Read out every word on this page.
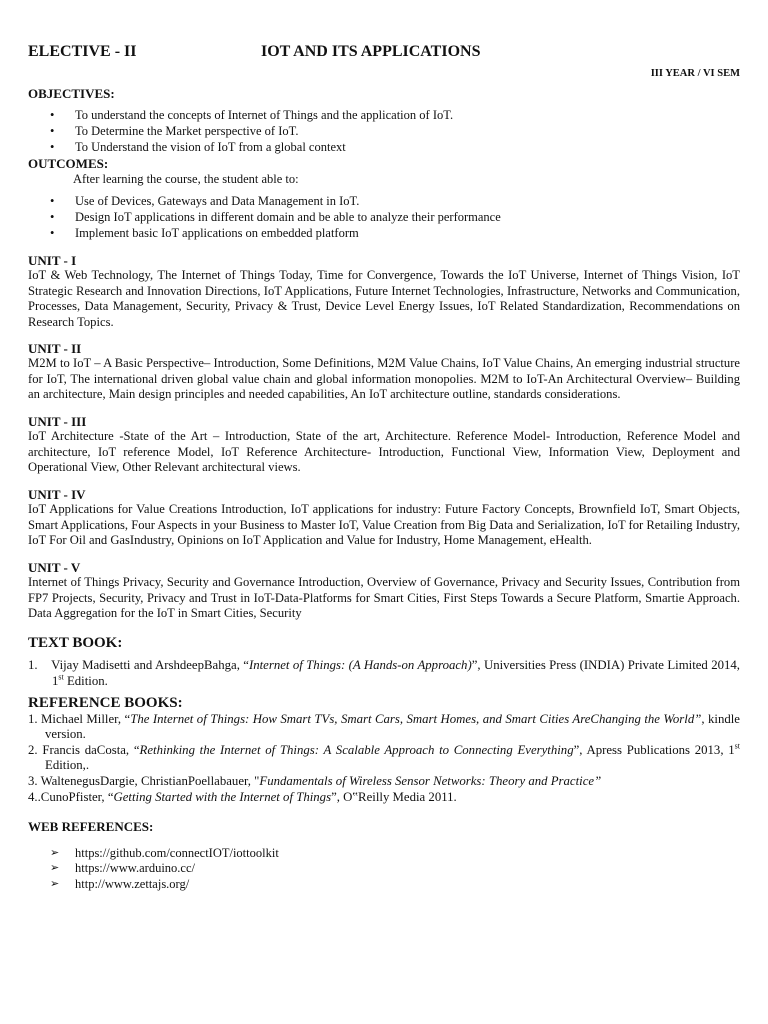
ELECTIVE - II	IOT AND ITS APPLICATIONS
III YEAR / VI SEM
OBJECTIVES:
• To understand the concepts of Internet of Things and the application of IoT.
• To Determine the Market perspective of IoT.
• To Understand the vision of IoT from a global context
OUTCOMES:

After learning the course, the student able to:

• Use of Devices, Gateways and Data Management in IoT.
• Design IoT applications in different domain and be able to analyze their performance
• Implement basic IoT applications on embedded platform
UNIT - I

IoT & Web Technology, The Internet of Things Today, Time for Convergence, Towards the IoT Universe, Internet of Things Vision, IoT Strategic Research and Innovation Directions, IoT Applications, Future Internet Technologies, Infrastructure, Networks and Communication, Processes, Data Management, Security, Privacy & Trust, Device Level Energy Issues, IoT Related Standardization, Recommendations on Research Topics.

UNIT - II

M2M to IoT – A Basic Perspective– Introduction, Some Definitions, M2M Value Chains, IoT Value Chains, An emerging industrial structure for IoT, The international driven global value chain and global information monopolies. M2M to IoT-An Architectural Overview– Building an architecture, Main design principles and needed capabilities, An IoT architecture outline, standards considerations.

UNIT - III

IoT Architecture -State of the Art – Introduction, State of the art, Architecture. Reference Model- Introduction, Reference Model and architecture, IoT reference Model, IoT Reference Architecture- Introduction, Functional View, Information View, Deployment and Operational View, Other Relevant architectural views.

UNIT - IV

IoT Applications for Value Creations Introduction, IoT applications for industry: Future Factory Concepts, Brownfield IoT, Smart Objects, Smart Applications, Four Aspects in your Business to Master IoT, Value Creation from Big Data and Serialization, IoT for Retailing Industry, IoT For Oil and GasIndustry, Opinions on IoT Application and Value for Industry, Home Management, eHealth.

UNIT - V

Internet of Things Privacy, Security and Governance Introduction, Overview of Governance, Privacy and Security Issues, Contribution from FP7 Projects, Security, Privacy and Trust in IoT-Data-Platforms for Smart Cities, First Steps Towards a Secure Platform, Smartie Approach. Data Aggregation for the IoT in Smart Cities, Security

TEXT BOOK:

1. Vijay Madisetti and ArshdeepBahga, “Internet of Things: (A Hands-on Approach)”, Universities Press (INDIA) Private Limited 2014, 1st Edition.

REFERENCE BOOKS:

1. Michael Miller, “The Internet of Things: How Smart TVs, Smart Cars, Smart Homes, and Smart Cities AreChanging the World”, kindle version.

2. Francis daCosta, “Rethinking the Internet of Things: A Scalable Approach to Connecting Everything”, Apress Publications 2013, 1st Edition,.

3. WaltenegusDargie, ChristianPoellabauer, "Fundamentals of Wireless Sensor Networks: Theory and Practice”

4..CunoPfister, “Getting Started with the Internet of Things”, O‟Reilly Media 2011.

WEB REFERENCES:
➢ https://github.com/connectIOT/iottoolkit
➢ https://www.arduino.cc/
➢ http://www.zettajs.org/
